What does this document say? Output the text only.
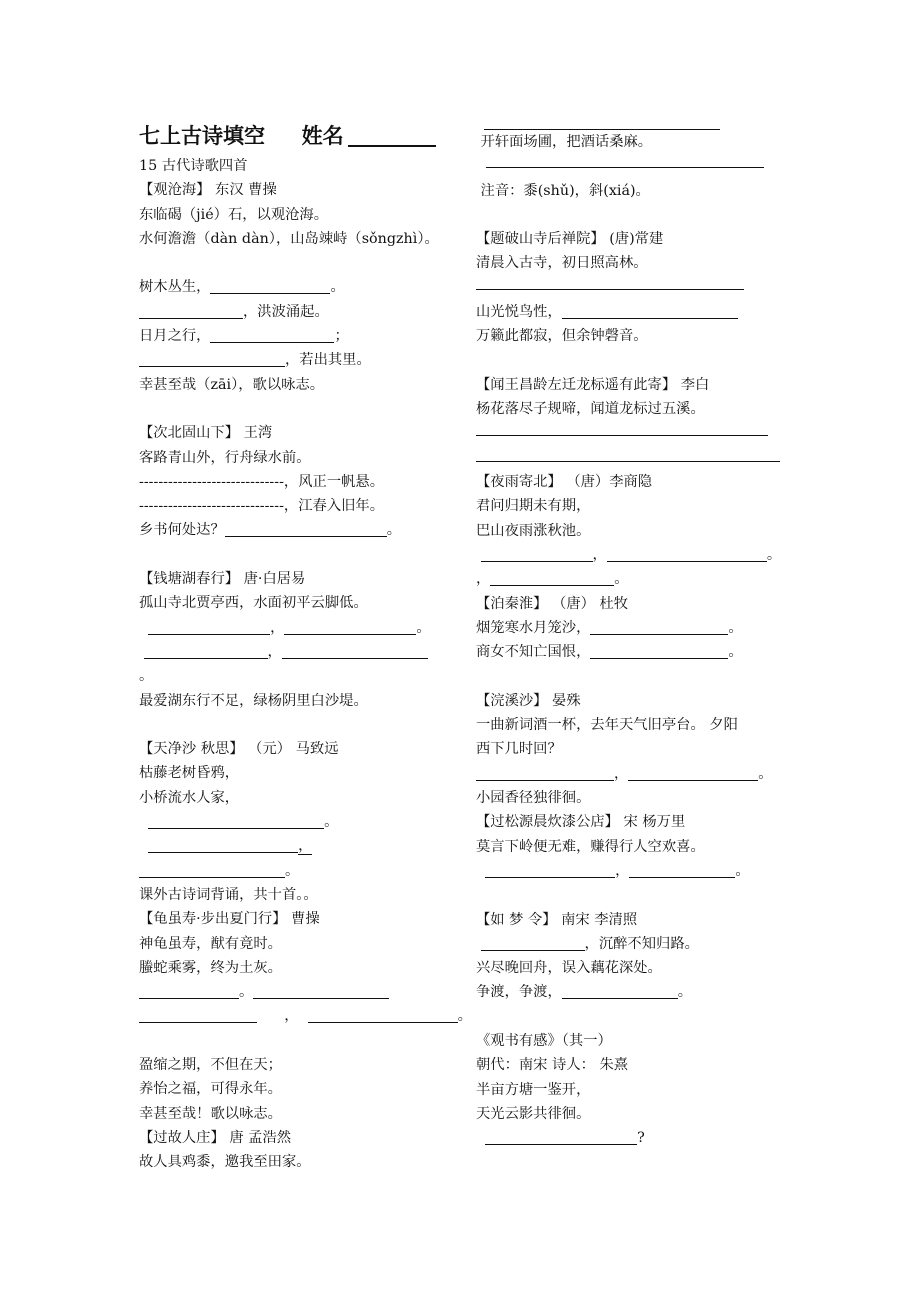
七上古诗填空 姓名
15 古代诗歌四首
【观沧海】 东汉 曹操
东临碣（jié）石，以观沧海。
水何澹澹（dàn dàn），山岛竦峙（sǒngzhì）。
树木丛生，	。
，洪波涌起。
日月之行，	；
，若出其里。
幸甚至哉（zāi），歌以咏志。
【次北固山下】 王湾
客路青山外，行舟绿水前。
------------------------------，风正一帆悬。
------------------------------，江春入旧年。
乡书何处达？	。
【钱塘湖春行】 唐·白居易
孤山寺北贾亭西，水面初平云脚低。
，	。
，
。
最爱湖东行不足，绿杨阴里白沙堤。
【天净沙 秋思】 （元） 马致远
枯藤老树昏鸦，
小桥流水人家，
。
，
。
课外古诗词背诵，共十首。。
【龟虽寿·步出夏门行】 曹操
神龟虽寿，猷有竟时。
螣蛇乘雾，终为土灰。
。
，	。
盈缩之期，不但在天；
养怡之福，可得永年。
幸甚至哉！歌以咏志。
【过故人庄】 唐 孟浩然
故人具鸡黍，邀我至田家。
开轩面场圃，把酒话桑麻。
注音：黍(shǔ)，斜(xiá)。
【题破山寺后禅院】 (唐)常建
清晨入古寺，初日照高林。
山光悦鸟性，
万籁此都寂，但余钟磬音。
【闻王昌龄左迁龙标遥有此寄】 李白
杨花落尽子规啼，闻道龙标过五溪。
【夜雨寄北】 （唐）李商隐
君问归期未有期，
巴山夜雨涨秋池。
，	。
，	。
【泊秦淮】 （唐） 杜牧
烟笼寒水月笼沙，	。
商女不知亡国恨，	。
【浣溪沙】 晏殊
一曲新词酒一杯，去年天气旧亭台。 夕阳
西下几时回？
，	。
小园香径独徘徊。
【过松源晨炊漆公店】 宋 杨万里
莫言下岭便无难，赚得行人空欢喜。
，	。
【如 梦 令】 南宋 李清照
，沉醉不知归路。
兴尽晚回舟，误入藕花深处。
争渡，争渡，	。
《观书有感》（其一）
朝代：南宋 诗人： 朱熹
半亩方塘一鉴开，
天光云影共徘徊。
?
